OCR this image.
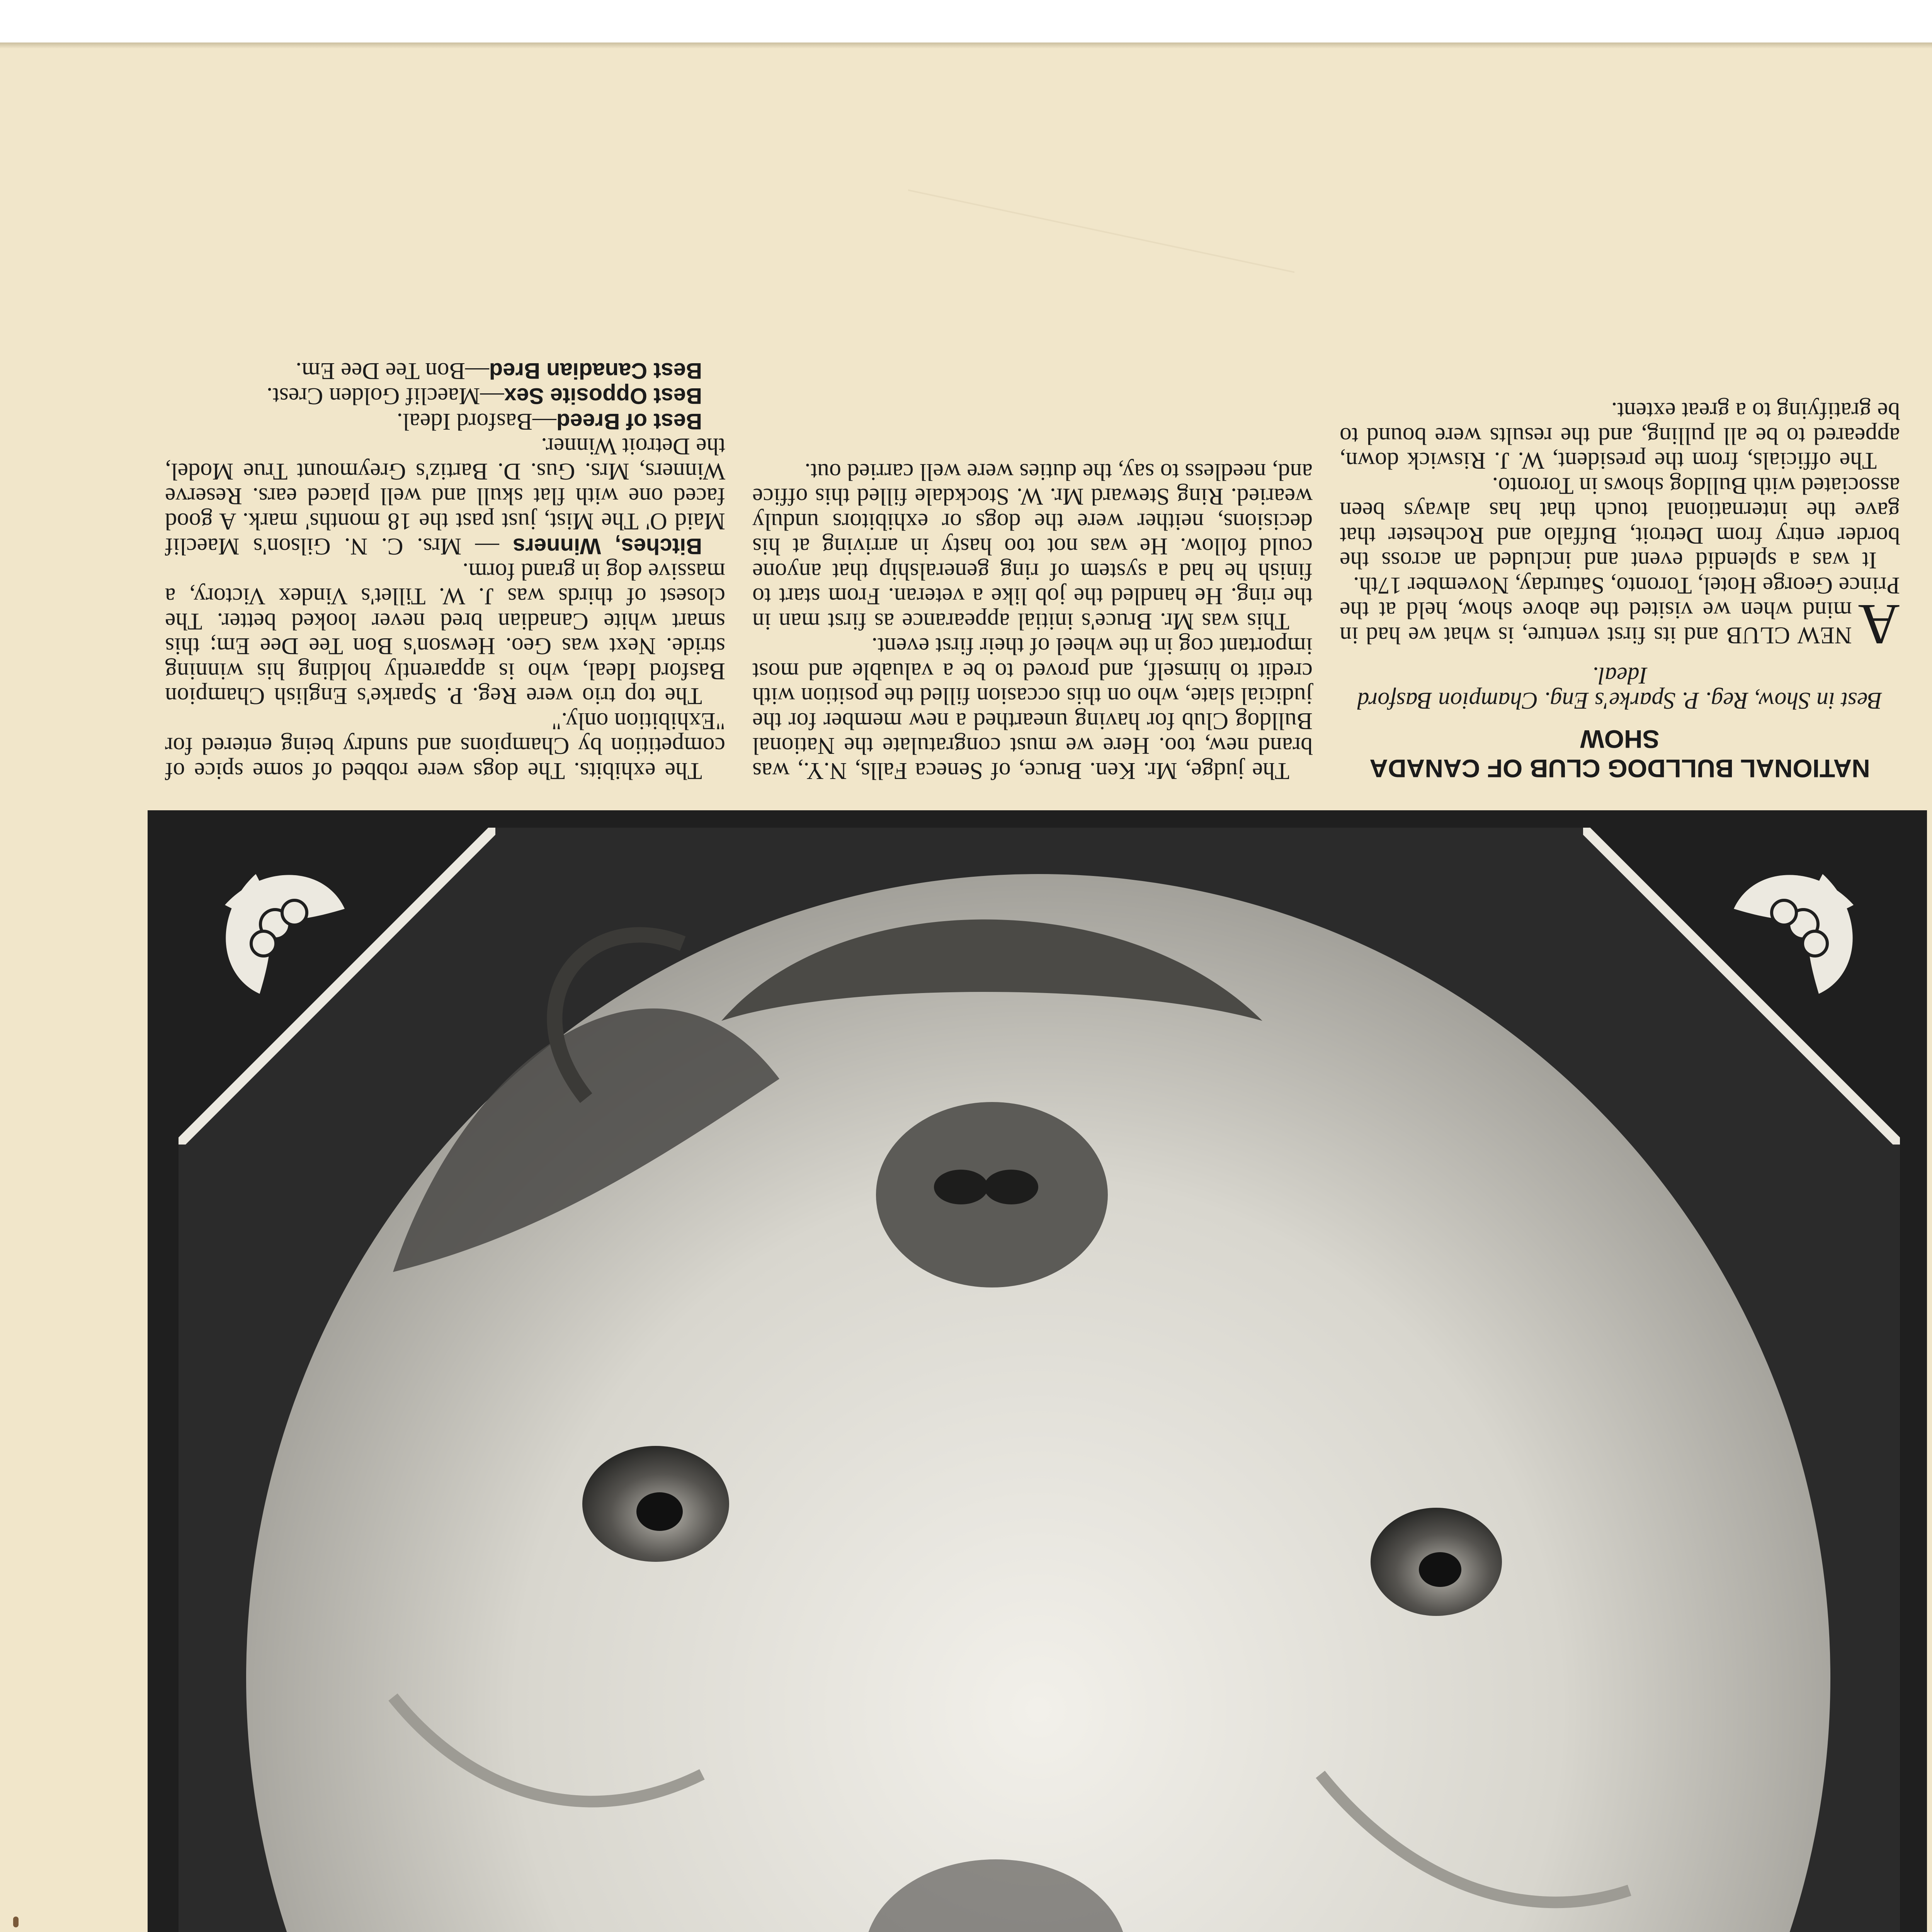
NATIONAL BULLDOG CLUB OF CANADA SHOW
Best in Show, Reg. P. Sparke's Eng. Champion Basford Ideal.

ANEW CLUB and its first venture, is what we had in mind when we visited the above show, held at the Prince George Hotel, Toronto, Saturday, November 17th.

It was a splendid event and included an across the border entry from Detroit, Buffalo and Rochester that gave the international touch that has always been associated with Bulldog shows in Toronto.

The officials, from the president, W. J. Riswick down, appeared to be all pulling, and the results were bound to be gratifying to a great extent.

The judge, Mr. Ken. Bruce, of Seneca Falls, N.Y., was brand new, too. Here we must congratulate the National Bulldog Club for having unearthed a new member for the judicial slate, who on this occasion filled the position with credit to himself, and proved to be a valuable and most important cog in the wheel of their first event.

This was Mr. Bruce's initial appearance as first man in the ring. He handled the job like a veteran. From start to finish he had a system of ring generalship that anyone could follow. He was not too hasty in arriving at his decisions, neither were the dogs or exhibitors unduly wearied. Ring Steward Mr. W. Stockdale filled this office and, needless to say, the duties were well carried out.

The exhibits. The dogs were robbed of some spice of competition by Champions and sundry being entered for "Exhibition only."

The top trio were Reg. P. Sparke's English Champion Basford Ideal, who is apparently holding his winning stride. Next was Geo. Hewson's Bon Tee Dee Em; this smart white Canadian bred never looked better. The closest of thirds was J. W. Tillet's Vindex Victory, a massive dog in grand form.

Bitches, Winners — Mrs. C. N. Gilson's Maeclif Maid O' The Mist, just past the 18 months' mark. A good faced one with flat skull and well placed ears. Reserve Winners, Mrs. Gus. D. Bartiz's Greymount True Model, the Detroit Winner.

Best of Breed—Basford Ideal.

Best Opposite Sex—Maeclif Golden Crest.

Best Canadian Bred—Bon Tee Dee Em.
